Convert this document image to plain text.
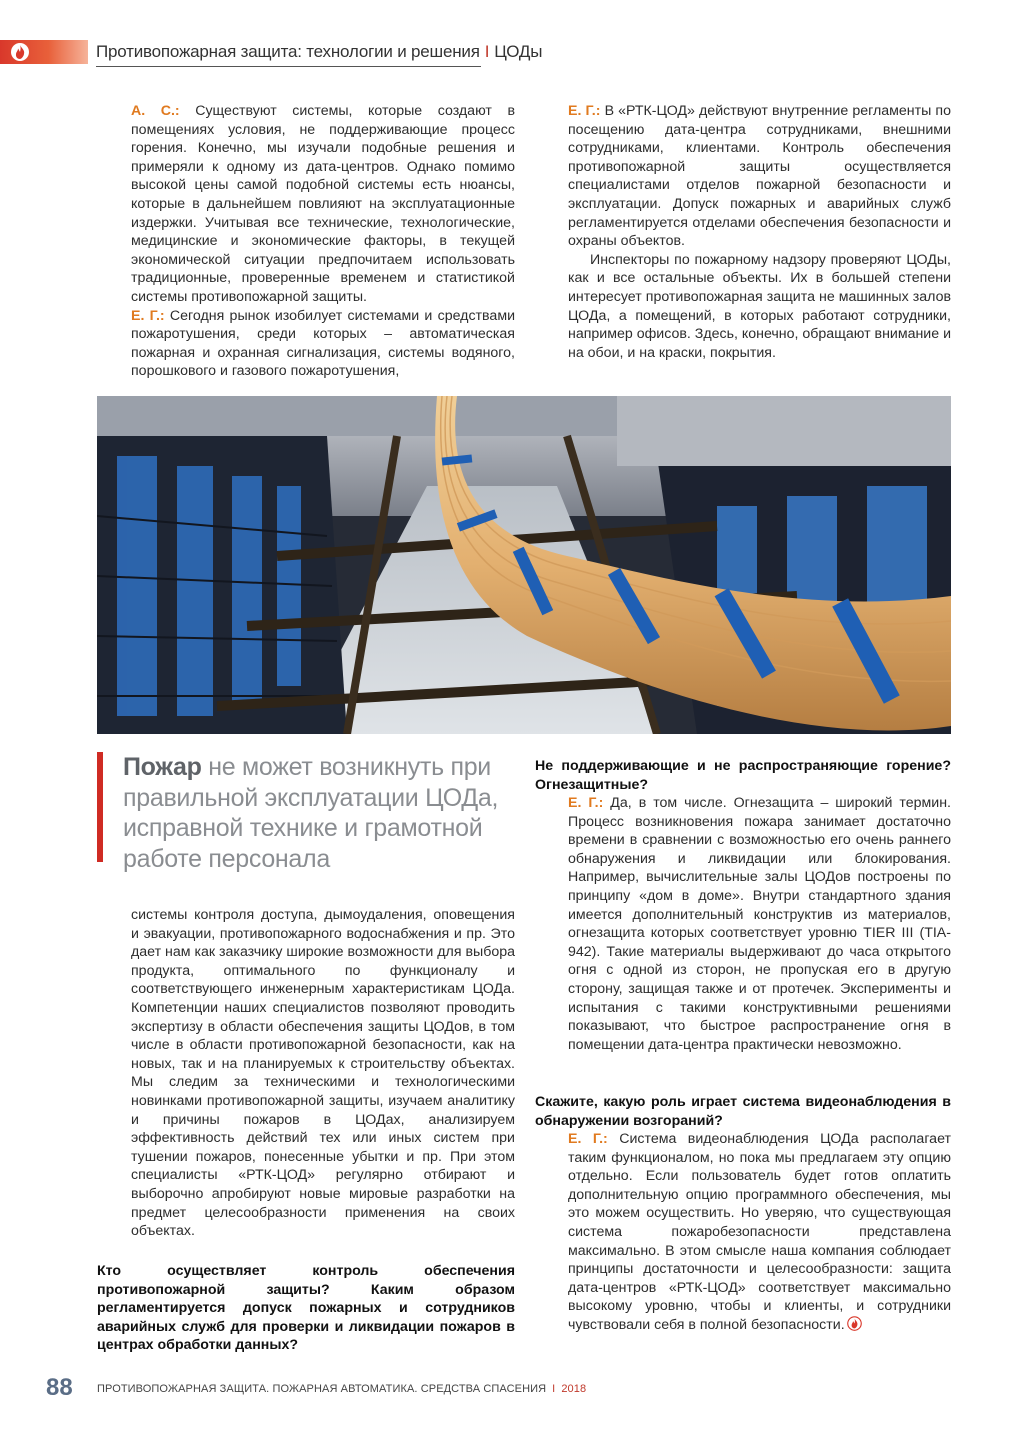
Противопожарная защита: технологии и решения I ЦОДы

А. С.: Существуют системы, которые создают в помещениях условия, не поддерживающие процесс горения. Конечно, мы изучали подобные решения и примеряли к одному из дата-центров. Однако помимо высокой цены самой подобной системы есть нюансы, которые в дальнейшем повлияют на эксплуатационные издержки. Учитывая все технические, технологические, медицинские и экономические факторы, в текущей экономической ситуации предпочитаем использовать традиционные, проверенные временем и статистикой системы противопожарной защиты.

Е. Г.: Сегодня рынок изобилует системами и средствами пожаротушения, среди которых – автоматическая пожарная и охранная сигнализация, системы водяного, порошкового и газового пожаротушения,

Е. Г.: В «РТК-ЦОД» действуют внутренние регламенты по посещению дата-центра сотрудниками, внешними сотрудниками, клиентами. Контроль обеспечения противопожарной защиты осуществляется специалистами отделов пожарной безопасности и эксплуатации. Допуск пожарных и аварийных служб регламентируется отделами обеспечения безопасности и охраны объектов.

Инспекторы по пожарному надзору проверяют ЦОДы, как и все остальные объекты. Их в большей степени интересует противопожарная защита не машинных залов ЦОДа, а помещений, в которых работают сотрудники, например офисов. Здесь, конечно, обращают внимание и на обои, и на краски, покрытия.

Пожар не может возникнуть при правильной эксплуатации ЦОДа, исправной технике и грамотной работе персонала

системы контроля доступа, дымоудаления, оповещения и эвакуации, противопожарного водоснабжения и пр. Это дает нам как заказчику широкие возможности для выбора продукта, оптимального по функционалу и соответствующего инженерным характеристикам ЦОДа. Компетенции наших специалистов позволяют проводить экспертизу в области обеспечения защиты ЦОДов, в том числе в области противопожарной безопасности, как на новых, так и на планируемых к строительству объектах. Мы следим за техническими и технологическими новинками противопожарной защиты, изучаем аналитику и причины пожаров в ЦОДах, анализируем эффективность действий тех или иных систем при тушении пожаров, понесенные убытки и пр. При этом специалисты «РТК-ЦОД» регулярно отбирают и выборочно апробируют новые мировые разработки на предмет целесообразности применения на своих объектах.

Кто осуществляет контроль обеспечения противопожарной защиты? Каким образом регламентируется допуск пожарных и сотрудников аварийных служб для проверки и ликвидации пожаров в центрах обработки данных?

Не поддерживающие и не распространяющие горение? Огнезащитные?

Е. Г.: Да, в том числе. Огнезащита – широкий термин. Процесс возникновения пожара занимает достаточно времени в сравнении с возможностью его очень раннего обнаружения и ликвидации или блокирования. Например, вычислительные залы ЦОДов построены по принципу «дом в доме». Внутри стандартного здания имеется дополнительный конструктив из материалов, огнезащита которых соответствует уровню TIER III (TIA-942). Такие материалы выдерживают до часа открытого огня с одной из сторон, не пропуская его в другую сторону, защищая также и от протечек. Эксперименты и испытания с такими конструктивными решениями показывают, что быстрое распространение огня в помещении дата-центра практически невозможно.

Скажите, какую роль играет система видеонаблюдения в обнаружении возгораний?

Е. Г.: Система видеонаблюдения ЦОДа располагает таким функционалом, но пока мы предлагаем эту опцию отдельно. Если пользователь будет готов оплатить дополнительную опцию программного обеспечения, мы это можем осуществить. Но уверяю, что существующая система пожаробезопасности представлена максимально. В этом смысле наша компания соблюдает принципы достаточности и целесообразности: защита дата-центров «РТК-ЦОД» соответствует максимально высокому уровню, чтобы и клиенты, и сотрудники чувствовали себя в полной безопасности.

88 ПРОТИВОПОЖАРНАЯ ЗАЩИТА. ПОЖАРНАЯ АВТОМАТИКА. СРЕДСТВА СПАСЕНИЯ I 2018
